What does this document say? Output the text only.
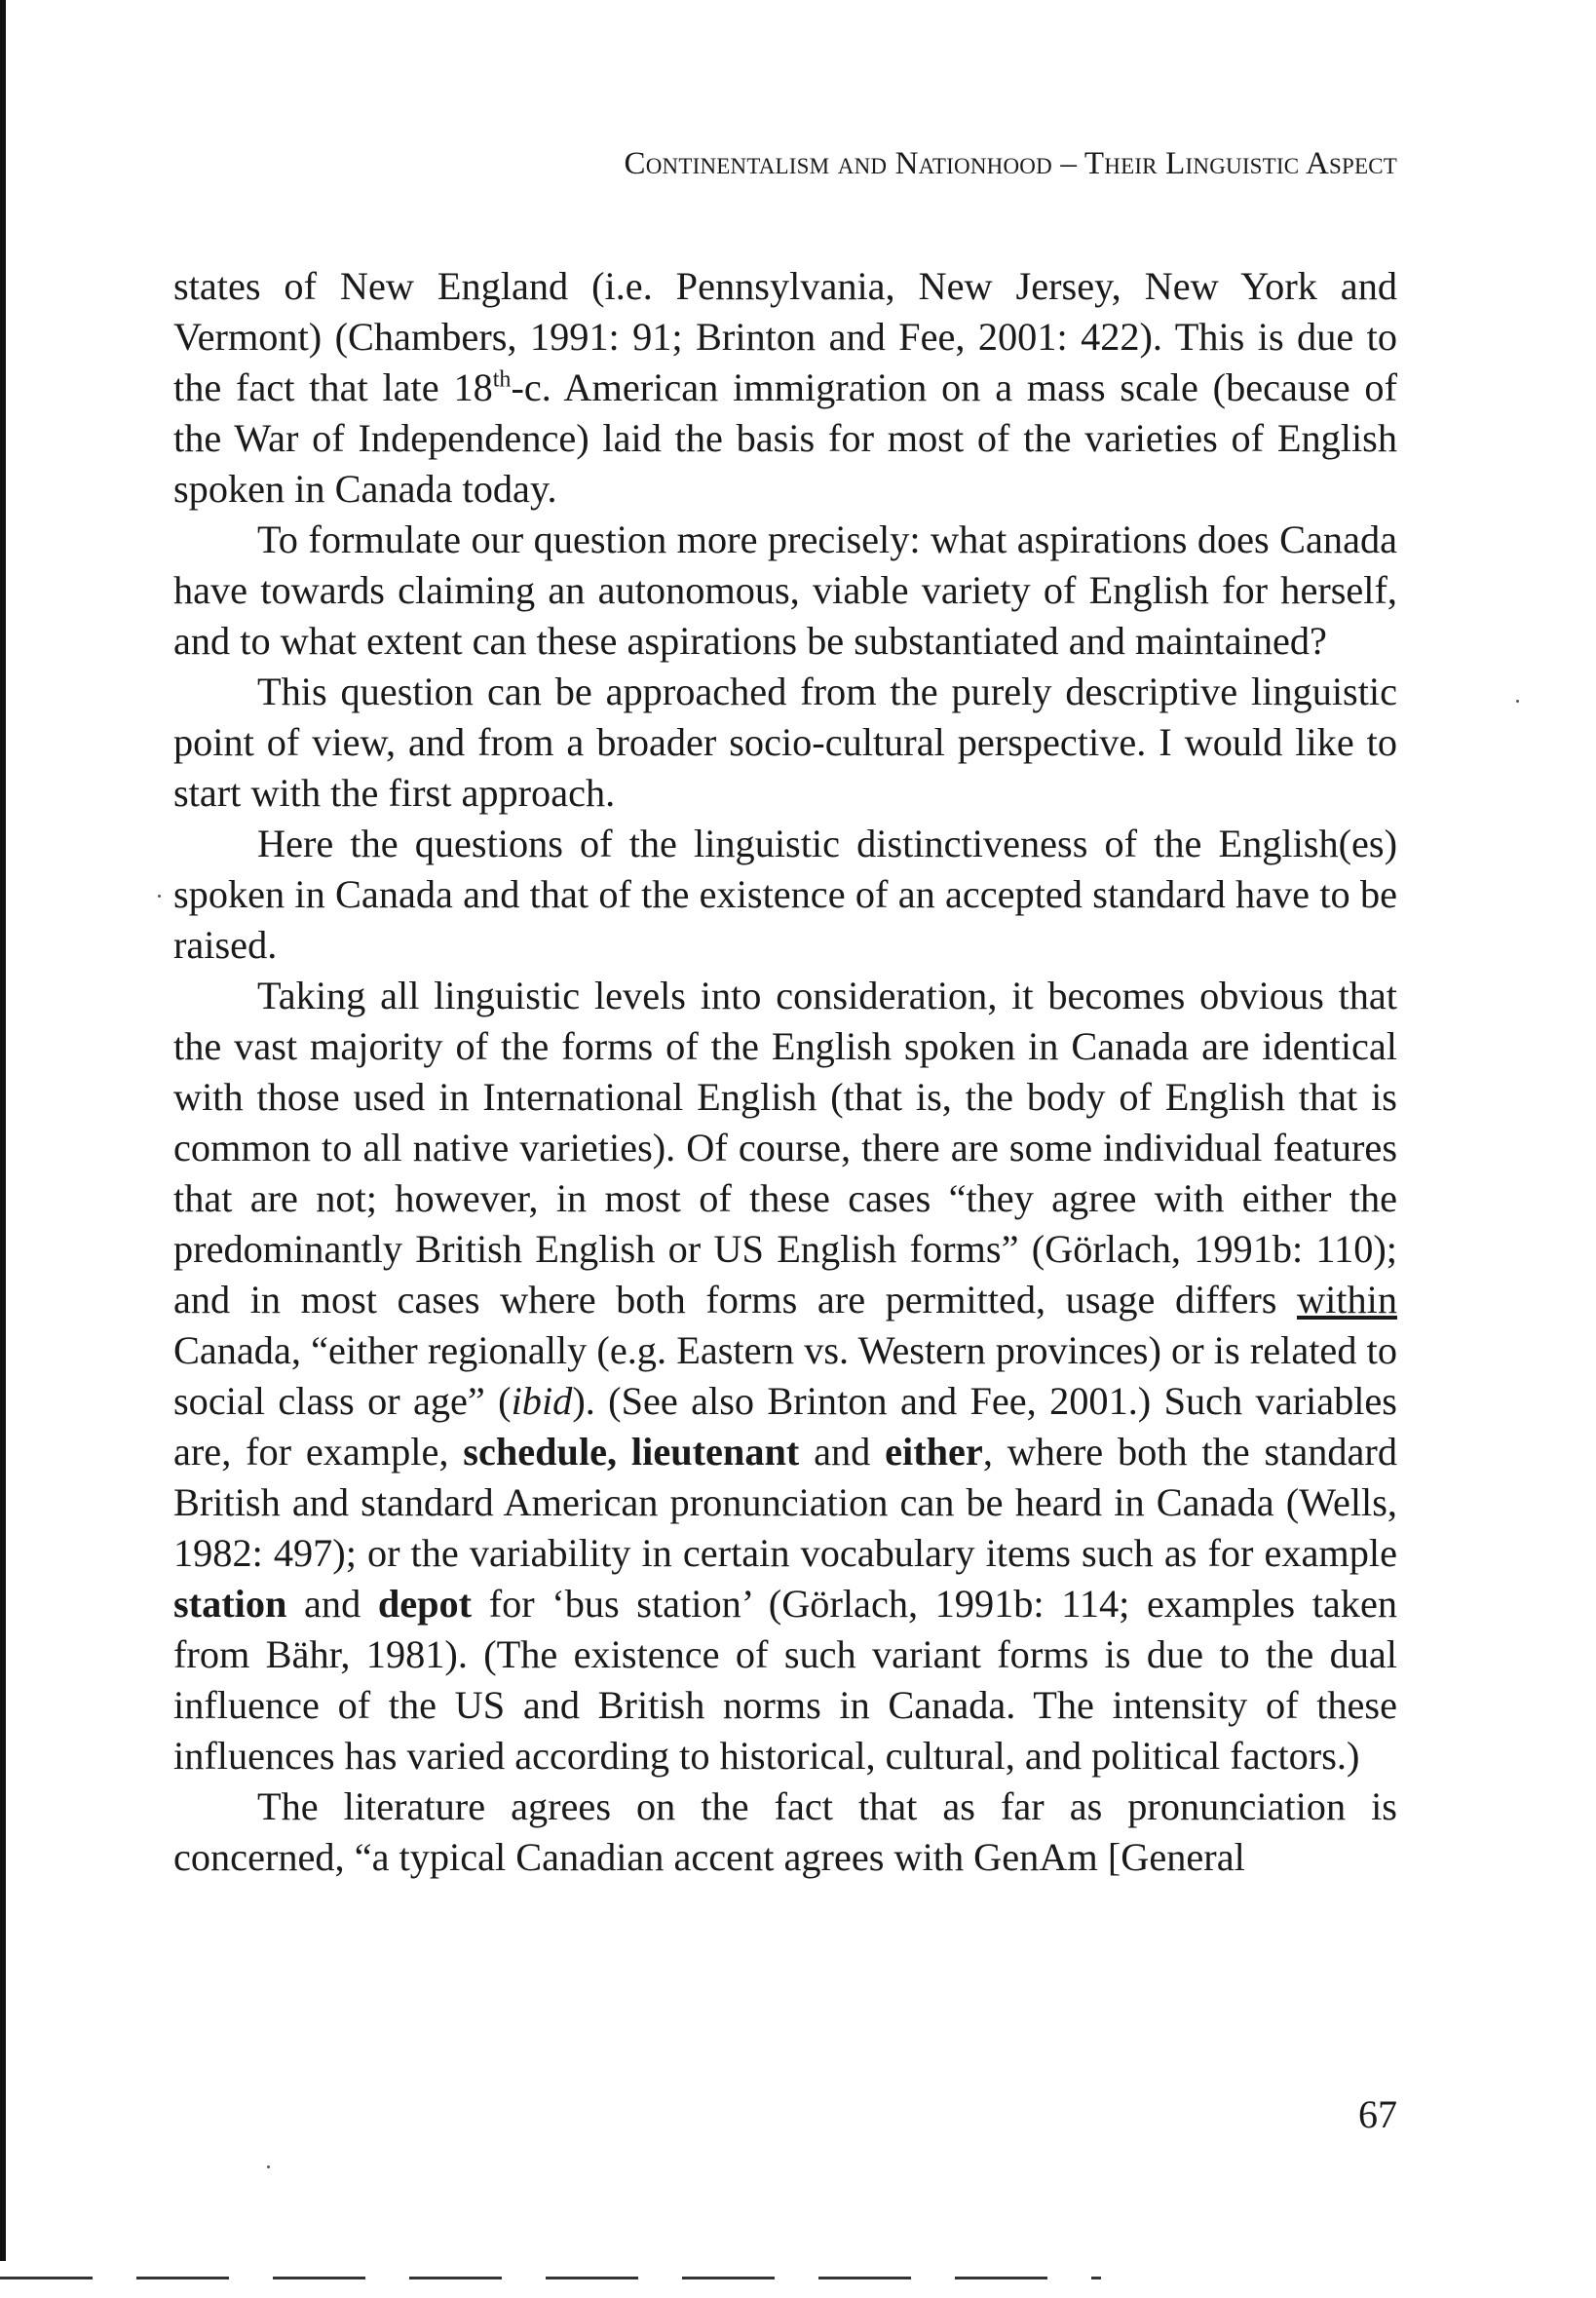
Continentalism and Nationhood – Their Linguistic Aspect

states of New England (i.e. Pennsylvania, New Jersey, New York and Vermont) (Chambers, 1991: 91; Brinton and Fee, 2001: 422). This is due to the fact that late 18th-c. American immigration on a mass scale (because of the War of Independence) laid the basis for most of the varieties of English spoken in Canada today.

To formulate our question more precisely: what aspirations does Canada have towards claiming an autonomous, viable variety of English for herself, and to what extent can these aspirations be substantiated and maintained?

This question can be approached from the purely descriptive linguistic point of view, and from a broader socio-cultural perspective. I would like to start with the first approach.

Here the questions of the linguistic distinctiveness of the English(es) spoken in Canada and that of the existence of an accepted standard have to be raised.

Taking all linguistic levels into consideration, it becomes obvious that the vast majority of the forms of the English spoken in Canada are identical with those used in International English (that is, the body of English that is common to all native varieties). Of course, there are some individual features that are not; however, in most of these cases “they agree with either the predominantly British English or US English forms” (Görlach, 1991b: 110); and in most cases where both forms are permitted, usage differs within Canada, “either regionally (e.g. Eastern vs. Western provinces) or is related to social class or age” (ibid). (See also Brinton and Fee, 2001.) Such variables are, for example, schedule, lieutenant and either, where both the standard British and standard American pronunciation can be heard in Canada (Wells, 1982: 497); or the variability in certain vocabulary items such as for example station and depot for ‘bus station’ (Görlach, 1991b: 114; examples taken from Bähr, 1981). (The existence of such variant forms is due to the dual influence of the US and British norms in Canada. The intensity of these influences has varied according to historical, cultural, and political factors.)

The literature agrees on the fact that as far as pronunciation is concerned, “a typical Canadian accent agrees with GenAm [General

67
